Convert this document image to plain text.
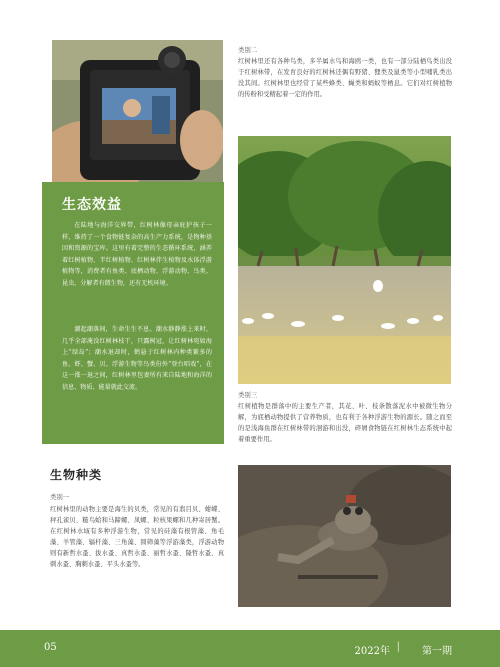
类别二

红树林里还有各种鸟类，多半属水鸟和海鸥一类，也有一部分陆栖鸟类出没于红树林带，在发育良好的红树林还偶有野猪、狸类及鼠类等小型哺乳类出没其间。红树林里也经常了某些蜂类、蝇类和蚂蚁等栖息。它们对红树植物的传粉和受精起着一定的作用。

生态效益

在陆地与海洋交界带，红树林像母亲庇护孩子一样，维持了一个食物链复杂的高生产力系统，是物种基因和资源的宝库。这里有着完整的生态循环系统，涵养着红树植物、半红树植物、红树林伴生植物及水体浮游植物等，消费者有鱼类、底栖动物、浮游动物、鸟类、昆虫，分解者有微生物，还有无机环境。

潮起潮落间，生命生生不息。潮水静静涨上来时，几乎全部淹没红树林枝干，只露树冠，让红树林宛如海上“绿岛”；潮水退却时，鹤悬于红树林内种类繁多的鱼、虾、蟹、贝、浮游生物等鸟类份外“登台唱戏”，在这一涨一退之间，红树林里包妻所有来自陆地和海洋的信息、物质、能量就此交流。

类别三

红树植物是群落中的主要生产者，其花、叶、枝条散落泥水中被微生物分解，为底栖动物提供了营养物质，也有利于各种浮游生物的源长。随之而至的是浅海鱼群在红树林带的洄游和出没，碎屑食物链在红树林生态系统中起着重要作用。

生物种类
类别一

红树林里的动物主要是海生的贝类，常见的有翡目贝、蚶蝶、秤孔雀贝、糙鸟蛤和马蹄螺、凤螺、粒核果螺和几种寄居蟹。在红树林水域有多种浮游生物，常见的硅藻有根管藻、角毛藻、羊管藻、辐杆藻、三角藻、圆筛藻等浮游藻类，浮游动物则有新哲水蚤、拔水蚤、真哲水蚤、丽哲水蚤、隆哲水蚤、真刺水蚤、胸刺水蚤、平头水蚤等。

05	2022年 | 第一期
